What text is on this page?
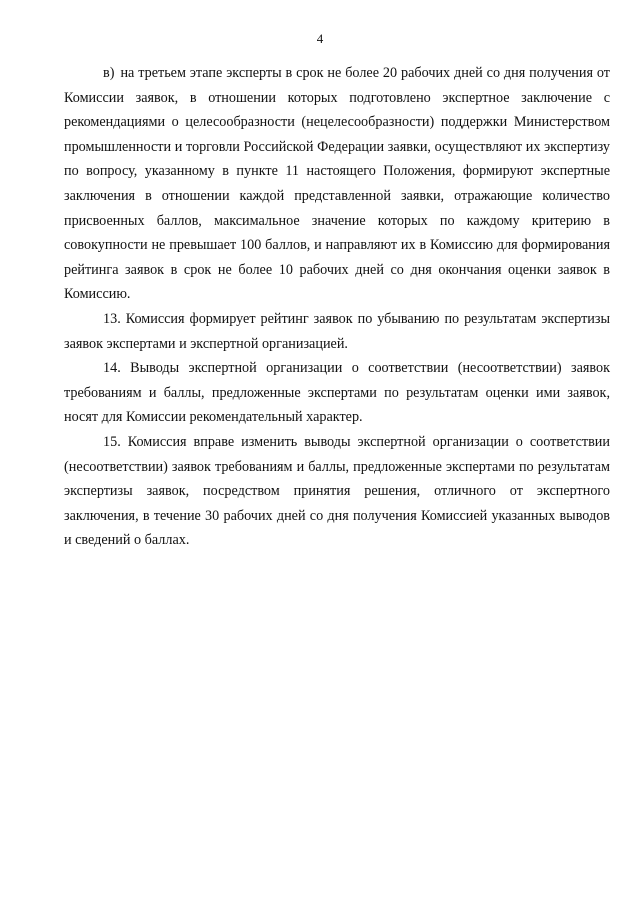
4

в) на третьем этапе эксперты в срок не более 20 рабочих дней со дня получения от Комиссии заявок, в отношении которых подготовлено экспертное заключение с рекомендациями о целесообразности (нецелесообразности) поддержки Министерством промышленности и торговли Российской Федерации заявки, осуществляют их экспертизу по вопросу, указанному в пункте 11 настоящего Положения, формируют экспертные заключения в отношении каждой представленной заявки, отражающие количество присвоенных баллов, максимальное значение которых по каждому критерию в совокупности не превышает 100 баллов, и направляют их в Комиссию для формирования рейтинга заявок в срок не более 10 рабочих дней со дня окончания оценки заявок в Комиссию.

13. Комиссия формирует рейтинг заявок по убыванию по результатам экспертизы заявок экспертами и экспертной организацией.

14. Выводы экспертной организации о соответствии (несоответствии) заявок требованиям и баллы, предложенные экспертами по результатам оценки ими заявок, носят для Комиссии рекомендательный характер.

15. Комиссия вправе изменить выводы экспертной организации о соответствии (несоответствии) заявок требованиям и баллы, предложенные экспертами по результатам экспертизы заявок, посредством принятия решения, отличного от экспертного заключения, в течение 30 рабочих дней со дня получения Комиссией указанных выводов и сведений о баллах.
